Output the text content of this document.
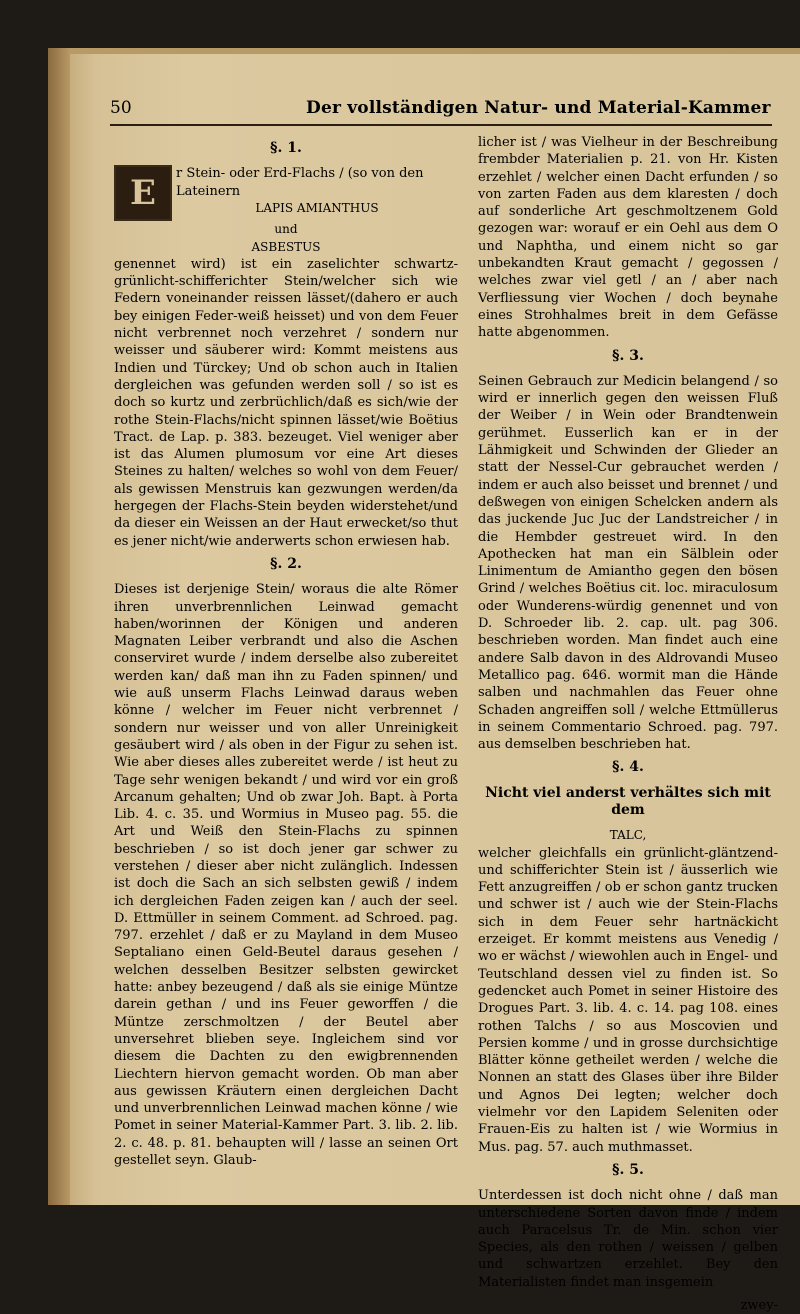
50	Der vollständigen Natur- und Material-Kammer
§. 1.
E	r Stein- oder Erd-Flachs / (so von den Lateinern
LAPIS AMIANTHUS
und
ASBESTUS

genennet wird) ist ein zaselichter schwartz-grünlicht-schifferichter Stein/welcher sich wie Federn voneinander reissen lässet/(dahero er auch bey einigen Feder-weiß heisset) und von dem Feuer nicht verbrennet noch verzehret / sondern nur weisser und säuberer wird: Kommt meistens aus Indien und Türckey; Und ob schon auch in Italien dergleichen was gefunden werden soll / so ist es doch so kurtz und zerbrüchlich/daß es sich/wie der rothe Stein-Flachs/nicht spinnen lässet/wie Boëtius Tract. de Lap. p. 383. bezeuget. Viel weniger aber ist das Alumen plumosum vor eine Art dieses Steines zu halten/ welches so wohl von dem Feuer/ als gewissen Menstruis kan gezwungen werden/da hergegen der Flachs-Stein beyden widerstehet/und da dieser ein Weissen an der Haut erwecket/so thut es jener nicht/wie anderwerts schon erwiesen hab.

§. 2.

Dieses ist derjenige Stein/ woraus die alte Römer ihren unverbrennlichen Leinwad gemacht haben/worinnen der Königen und anderen Magnaten Leiber verbrandt und also die Aschen conserviret wurde / indem derselbe also zubereitet werden kan/ daß man ihn zu Faden spinnen/ und wie auß unserm Flachs Leinwad daraus weben könne / welcher im Feuer nicht verbrennet / sondern nur weisser und von aller Unreinigkeit gesäubert wird / als oben in der Figur zu sehen ist. Wie aber dieses alles zubereitet werde / ist heut zu Tage sehr wenigen bekandt / und wird vor ein groß Arcanum gehalten; Und ob zwar Joh. Bapt. à Porta Lib. 4. c. 35. und Wormius in Museo pag. 55. die Art und Weiß den Stein-Flachs zu spinnen beschrieben / so ist doch jener gar schwer zu verstehen / dieser aber nicht zulänglich. Indessen ist doch die Sach an sich selbsten gewiß / indem ich dergleichen Faden zeigen kan / auch der seel. D. Ettmüller in seinem Comment. ad Schroed. pag. 797. erzehlet / daß er zu Mayland in dem Museo Septaliano einen Geld-Beutel daraus gesehen / welchen desselben Besitzer selbsten gewircket hatte: anbey bezeugend / daß als sie einige Müntze darein gethan / und ins Feuer geworffen / die Müntze zerschmoltzen / der Beutel aber unversehret blieben seye. Ingleichem sind vor diesem die Dachten zu den ewigbrennenden Liechtern hiervon gemacht worden. Ob man aber aus gewissen Kräutern einen dergleichen Dacht und unverbrennlichen Leinwad machen könne / wie Pomet in seiner Material-Kammer Part. 3. lib. 2. lib. 2. c. 48. p. 81. behaupten will / lasse an seinen Ort gestellet seyn. Glaub-

licher ist / was Vielheur in der Beschreibung frembder Materialien p. 21. von Hr. Kisten erzehlet / welcher einen Dacht erfunden / so von zarten Faden aus dem klaresten / doch auf sonderliche Art geschmoltzenem Gold gezogen war: worauf er ein Oehl aus dem O und Naphtha, und einem nicht so gar unbekandten Kraut gemacht / gegossen / welches zwar viel getl / an / aber nach Verfliessung vier Wochen / doch beynahe eines Strohhalmes breit in dem Gefässe hatte abgenommen.

§. 3.

Seinen Gebrauch zur Medicin belangend / so wird er innerlich gegen den weissen Fluß der Weiber / in Wein oder Brandtenwein gerühmet. Eusserlich kan er in der Lähmigkeit und Schwinden der Glieder an statt der Nessel-Cur gebrauchet werden / indem er auch also beisset und brennet / und deßwegen von einigen Schelcken andern als das juckende Juc Juc der Landstreicher / in die Hembder gestreuet wird. In den Apothecken hat man ein Sälblein oder Linimentum de Amiantho gegen den bösen Grind / welches Boëtius cit. loc. miraculosum oder Wunderens-würdig genennet und von D. Schroeder lib. 2. cap. ult. pag 306. beschrieben worden. Man findet auch eine andere Salb davon in des Aldrovandi Museo Metallico pag. 646. wormit man die Hände salben und nachmahlen das Feuer ohne Schaden angreiffen soll / welche Ettmüllerus in seinem Commentario Schroed. pag. 797. aus demselben beschrieben hat.

§. 4.
Nicht viel anderst verhältes sich mit dem
TALC,

welcher gleichfalls ein grünlicht-gläntzend- und schifferichter Stein ist / äusserlich wie Fett anzugreiffen / ob er schon gantz trucken und schwer ist / auch wie der Stein-Flachs sich in dem Feuer sehr hartnäckicht erzeiget. Er kommt meistens aus Venedig / wo er wächst / wiewohlen auch in Engel- und Teutschland dessen viel zu finden ist. So gedencket auch Pomet in seiner Histoire des Drogues Part. 3. lib. 4. c. 14. pag 108. eines rothen Talchs / so aus Moscovien und Persien komme / und in grosse durchsichtige Blätter könne getheilet werden / welche die Nonnen an statt des Glases über ihre Bilder und Agnos Dei legten; welcher doch vielmehr vor den Lapidem Seleniten oder Frauen-Eis zu halten ist / wie Wormius in Mus. pag. 57. auch muthmasset.

§. 5.

Unterdessen ist doch nicht ohne / daß man unterschiedene Sorten davon finde / indem auch Paracelsus Tr. de Min. schon vier Species, als den rothen / weissen / gelben und schwartzen erzehlet. Bey den Materialisten findet man insgemein

zwey-
